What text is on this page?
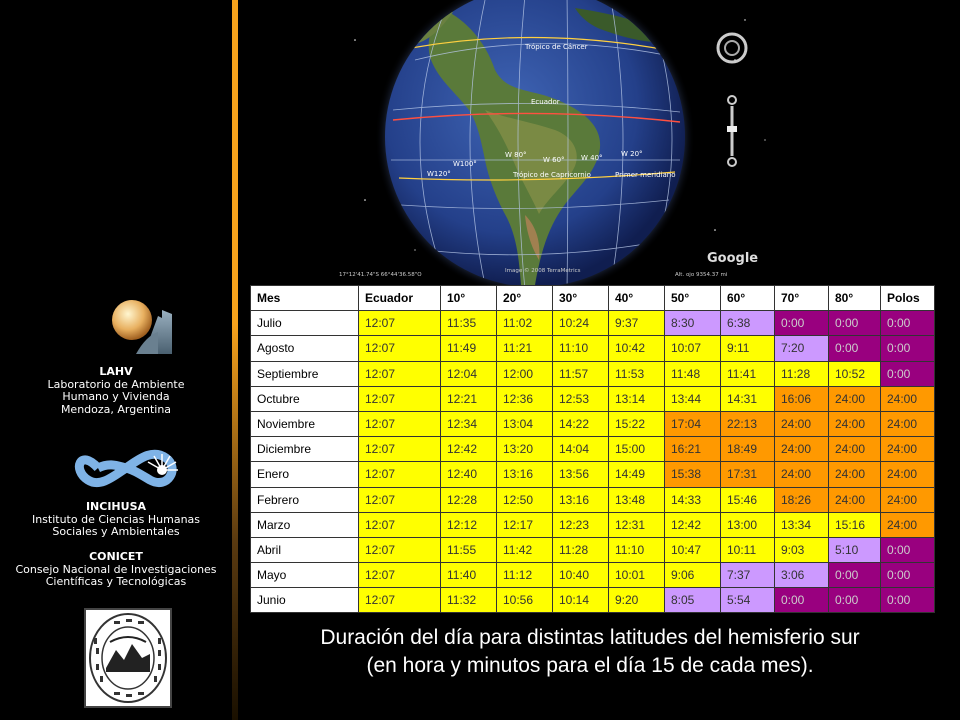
LAHV
Laboratorio de Ambiente
Humano y Vivienda
Mendoza, Argentina
INCIHUSA
Instituto de Ciencias Humanas
Sociales y Ambientales
CONICET
Consejo Nacional de Investigaciones
Científicas y Tecnológicas
Trópico de Cáncer
Ecuador
Trópico de Capricornio	Primer meridiano
W 80°
W 60° W 40°	W 20°
W100°
W120°
17°12'41.74"S 66°44'36.58"O
Image © 2008 TerraMetrics
Alt. ojo 9354.37 mi
Google
Mes	Ecuador	10°	20°	30°	40°	50°	60°	70°	80°	Polos
Julio	12:07	11:35	11:02	10:24	9:37	8:30	6:38	0:00	0:00	0:00
Agosto	12:07	11:49	11:21	11:10	10:42	10:07	9:11	7:20	0:00	0:00
Septiembre	12:07	12:04	12:00	11:57	11:53	11:48	11:41	11:28	10:52	0:00
Octubre	12:07	12:21	12:36	12:53	13:14	13:44	14:31	16:06	24:00	24:00
Noviembre	12:07	12:34	13:04	14:22	15:22	17:04	22:13	24:00	24:00	24:00
Diciembre	12:07	12:42	13:20	14:04	15:00	16:21	18:49	24:00	24:00	24:00
Enero	12:07	12:40	13:16	13:56	14:49	15:38	17:31	24:00	24:00	24:00
Febrero	12:07	12:28	12:50	13:16	13:48	14:33	15:46	18:26	24:00	24:00
Marzo	12:07	12:12	12:17	12:23	12:31	12:42	13:00	13:34	15:16	24:00
Abril	12:07	11:55	11:42	11:28	11:10	10:47	10:11	9:03	5:10	0:00
Mayo	12:07	11:40	11:12	10:40	10:01	9:06	7:37	3:06	0:00	0:00
Junio	12:07	11:32	10:56	10:14	9:20	8:05	5:54	0:00	0:00	0:00
Duración del día para distintas latitudes del hemisferio sur
(en hora y minutos para el día 15 de cada mes).
